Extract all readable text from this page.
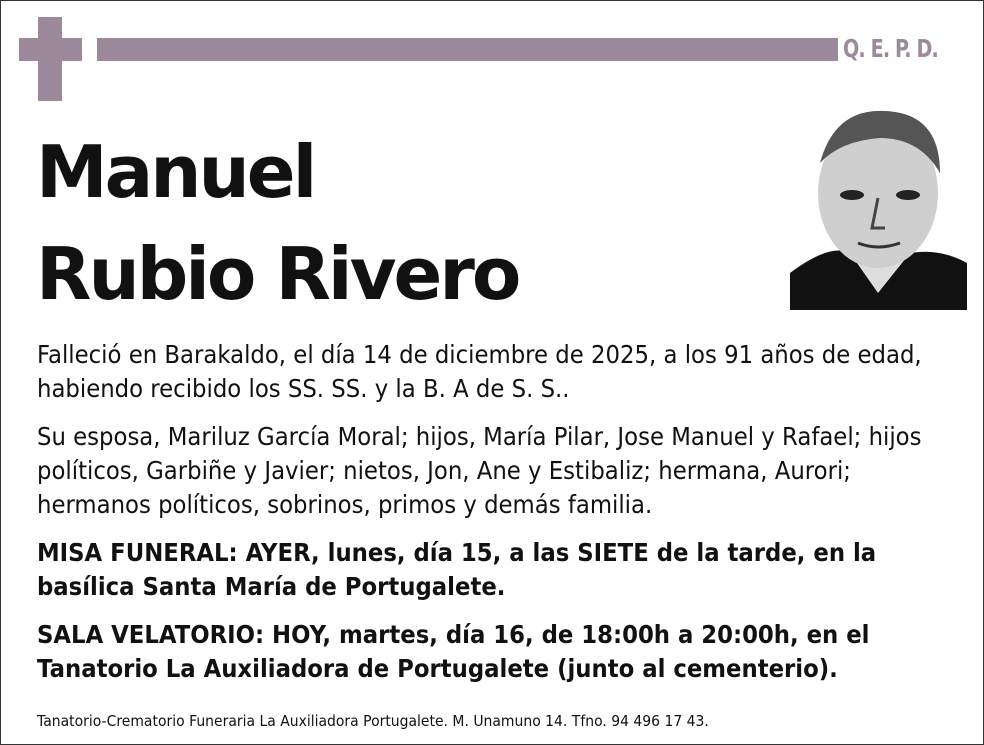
Q. E. P. D.
Manuel
Rubio Rivero
Falleció en Barakaldo, el día 14 de diciembre de 2025, a los 91 años de edad, habiendo recibido los SS. SS. y la B. A de S. S..
Su esposa, Mariluz García Moral; hijos, María Pilar, Jose Manuel y Rafael; hijos políticos, Garbiñe y Javier; nietos, Jon, Ane y Estibaliz; hermana, Aurori; hermanos políticos, sobrinos, primos y demás familia.
MISA FUNERAL: AYER, lunes, día 15, a las SIETE de la tarde, en la basílica Santa María de Portugalete.
SALA VELATORIO: HOY, martes, día 16, de 18:00h a 20:00h, en el Tanatorio La Auxiliadora de Portugalete (junto al cementerio).
Tanatorio-Crematorio Funeraria La Auxiliadora Portugalete. M. Unamuno 14. Tfno. 94 496 17 43.
